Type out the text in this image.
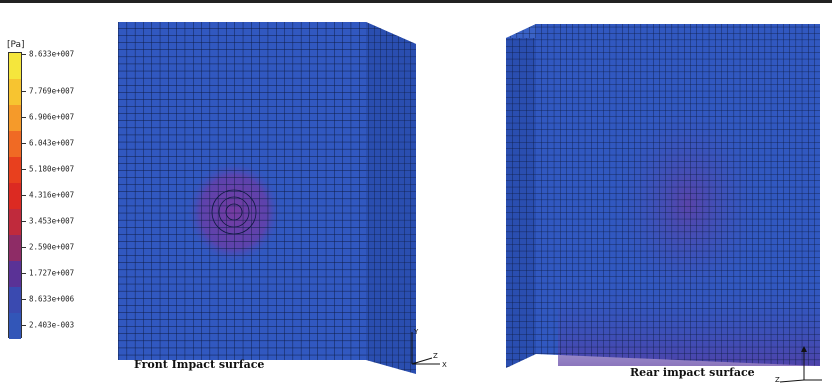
[Pa]
8.633e+007
7.769e+007
6.906e+007
6.043e+007
5.180e+007
4.316e+007
3.453e+007
2.590e+007
1.727e+007
8.633e+006
2.403e-003
Y
X
Z
Z
Front Impact surface
Rear impact surface
